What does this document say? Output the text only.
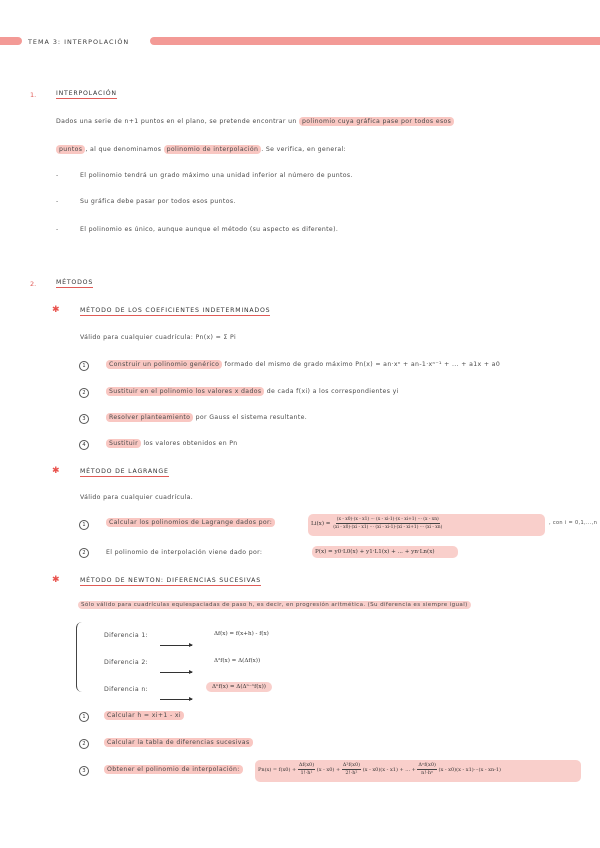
TEMA 3: INTERPOLACIÓN
1.	INTERPOLACIÓN
Dados una serie de n+1 puntos en el plano, se pretende encontrar un polinomio cuya gráfica pase por todos esos
puntos , al que denominamos polinomio de interpolación . Se verifica, en general:
-	El polinomio tendrá un grado máximo una unidad inferior al número de puntos.
-	Su gráfica debe pasar por todos esos puntos.
-	El polinomio es único, aunque aunque el método (su aspecto es diferente).
2.	MÉTODOS
✱	MÉTODO DE LOS COEFICIENTES INDETERMINADOS
Válido para cualquier cuadrícula: Pn(x) = Σ Pi
1	Construir un polinomio genérico formado del mismo de grado máximo Pn(x) = an·xⁿ + an-1·xⁿ⁻¹ + ... + a1x + a0
2	Sustituir en el polinomio los valores x dados de cada f(xi) a los correspondientes yi
3	Resolver planteamiento por Gauss el sistema resultante.
4	Sustituir los valores obtenidos en Pn
✱	MÉTODO DE LAGRANGE
Válido para cualquier cuadrícula.
1	Calcular los polinomios de Lagrange dados por:	Li(x) =
(x - x0)·(x - x1) ··· (x - xi-1)·(x - xi+1) ··· (x - xn)
(xi - x0)·(xi - x1) ··· (xi - xi-1)·(xi - xi+1) ··· (xi - xn)
, con i = 0,1,...,n
2	El polinomio de interpolación viene dado por:	P(x) = y0·L0(x) + y1·L1(x) + ... + yn·Ln(x)
✱	MÉTODO DE NEWTON: DIFERENCIAS SUCESIVAS
Sólo válido para cuadrículas equiespaciadas de paso h, es decir, en progresión aritmética. (Su diferencia es siempre igual)
Diferencia 1:	Δf(x) = f(x+h) - f(x)
Diferencia 2:	Δ²f(x) = Δ(Δf(x))
Diferencia n:	Δⁿf(x) = Δ(Δⁿ⁻¹f(x))
1	Calcular h = xi+1 - xi
2	Calcular la tabla de diferencias sucesivas
3	Obtener el polinomio de interpolación:	$Pn(x) = f(x0) + \frac{\Delta f(x0)}{\text{1!·h¹}} (x - x0) + \frac{\text{Δ²f(x0)}}{\text{2!·h²}} (x - x0)(x - x1)$ + ... + $\frac{\text{Δⁿf(x0)}}{\text{n!·hⁿ}} (x - x0)(x - x1)\cdot\cdot\cdot(x - xn-1)$
